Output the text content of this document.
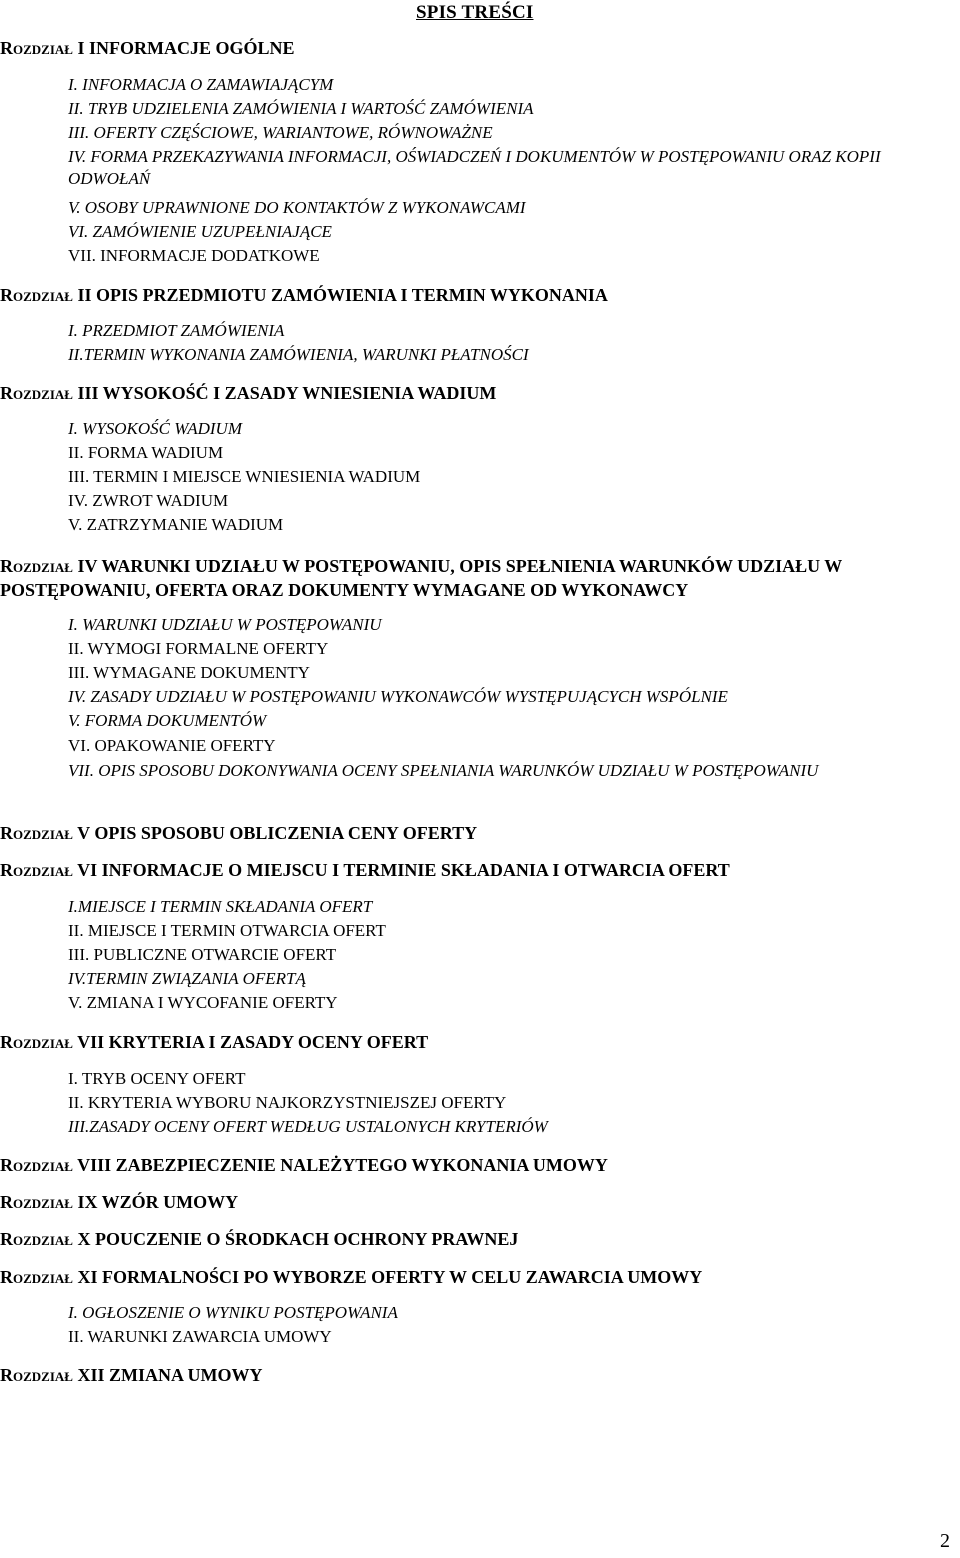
SPIS TREŚCI
Rozdział I INFORMACJE OGÓLNE
I. INFORMACJA O ZAMAWIAJĄCYM
II. TRYB UDZIELENIA ZAMÓWIENIA I WARTOŚĆ ZAMÓWIENIA
III. OFERTY CZĘŚCIOWE, WARIANTOWE, RÓWNOWAŻNE
IV. FORMA PRZEKAZYWANIA INFORMACJI, OŚWIADCZEŃ I DOKUMENTÓW W POSTĘPOWANIU ORAZ KOPII ODWOŁAŃ
V. OSOBY UPRAWNIONE DO KONTAKTÓW Z WYKONAWCAMI
VI. ZAMÓWIENIE UZUPEŁNIAJĄCE
VII. INFORMACJE DODATKOWE
Rozdział II OPIS PRZEDMIOTU ZAMÓWIENIA I TERMIN WYKONANIA
I. PRZEDMIOT ZAMÓWIENIA
II.TERMIN WYKONANIA ZAMÓWIENIA, WARUNKI PŁATNOŚCI
Rozdział III WYSOKOŚĆ I ZASADY WNIESIENIA WADIUM
I. WYSOKOŚĆ WADIUM
II. FORMA WADIUM
III. TERMIN I MIEJSCE WNIESIENIA WADIUM
IV. ZWROT WADIUM
V. ZATRZYMANIE WADIUM
Rozdział IV WARUNKI UDZIAŁU W POSTĘPOWANIU, OPIS SPEŁNIENIA WARUNKÓW UDZIAŁU W POSTĘPOWANIU, OFERTA ORAZ DOKUMENTY WYMAGANE OD WYKONAWCY
I. WARUNKI UDZIAŁU W POSTĘPOWANIU
II. WYMOGI FORMALNE OFERTY
III. WYMAGANE DOKUMENTY
IV. ZASADY UDZIAŁU W POSTĘPOWANIU WYKONAWCÓW WYSTĘPUJĄCYCH WSPÓLNIE
V. FORMA DOKUMENTÓW
VI. OPAKOWANIE OFERTY
VII. OPIS SPOSOBU DOKONYWANIA OCENY SPEŁNIANIA WARUNKÓW UDZIAŁU W POSTĘPOWANIU
Rozdział V OPIS SPOSOBU OBLICZENIA CENY OFERTY
Rozdział VI INFORMACJE O MIEJSCU I TERMINIE SKŁADANIA I OTWARCIA OFERT
I.MIEJSCE I TERMIN SKŁADANIA OFERT
II. MIEJSCE I TERMIN OTWARCIA OFERT
III. PUBLICZNE OTWARCIE OFERT
IV.TERMIN ZWIĄZANIA OFERTĄ
V. ZMIANA I WYCOFANIE OFERTY
Rozdział VII KRYTERIA I ZASADY OCENY OFERT
I. TRYB OCENY OFERT
II. KRYTERIA WYBORU NAJKORZYSTNIEJSZEJ OFERTY
III.ZASADY OCENY OFERT WEDŁUG USTALONYCH KRYTERIÓW
Rozdział VIII ZABEZPIECZENIE NALEŻYTEGO WYKONANIA UMOWY
Rozdział IX WZÓR UMOWY
Rozdział X POUCZENIE O ŚRODKACH OCHRONY PRAWNEJ
Rozdział XI FORMALNOŚCI PO WYBORZE OFERTY W CELU ZAWARCIA UMOWY
I. OGŁOSZENIE O WYNIKU POSTĘPOWANIA
II. WARUNKI ZAWARCIA UMOWY
Rozdział XII ZMIANA UMOWY
2
